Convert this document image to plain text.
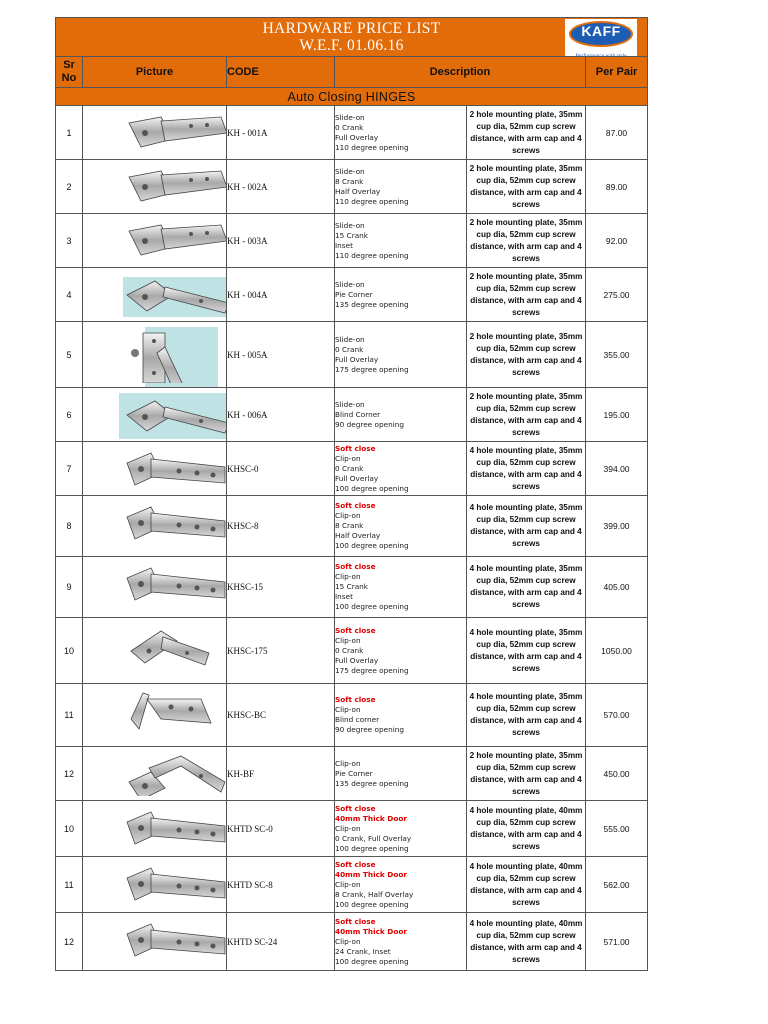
HARDWARE PRICE LIST
W.E.F. 01.06.16
KAFF
Performance with style					

Sr No	Picture	CODE	Description		Per Pair
Auto Closing HINGES					
1		KH - 001A	Slide-on
0 Crank
Full Overlay
110 degree opening	2 hole mounting plate, 35mm cup dia, 52mm cup screw distance, with arm cap and 4 screws	87.00
2		KH - 002A	Slide-on
8 Crank
Half Overlay
110 degree opening	2 hole mounting plate, 35mm cup dia, 52mm cup screw distance, with arm cap and 4 screws	89.00
3		KH - 003A	Slide-on
15 Crank
Inset
110 degree opening	2 hole mounting plate, 35mm cup dia, 52mm cup screw distance, with arm cap and 4 screws	92.00
4		KH - 004A	Slide-on
Pie Corner
135 degree opening	2 hole mounting plate, 35mm cup dia, 52mm cup screw distance, with arm cap and 4 screws	275.00
5		KH - 005A	Slide-on
0 Crank
Full Overlay
175 degree opening	2 hole mounting plate, 35mm cup dia, 52mm cup screw distance, with arm cap and 4 screws	355.00
6		KH - 006A	Slide-on
Blind Corner
90 degree opening	2 hole mounting plate, 35mm cup dia, 52mm cup screw distance, with arm cap and 4 screws	195.00
7		KHSC-0	Soft close
Clip-on
0 Crank
Full Overlay
100 degree opening	4 hole mounting plate, 35mm cup dia, 52mm cup screw distance, with arm cap and 4 screws	394.00
8		KHSC-8	Soft close
Clip-on
8 Crank
Half Overlay
100 degree opening	4 hole mounting plate, 35mm cup dia, 52mm cup screw distance, with arm cap and 4 screws	399.00
9		KHSC-15	Soft close
Clip-on
15 Crank
Inset
100 degree opening	4 hole mounting plate, 35mm cup dia, 52mm cup screw distance, with arm cap and 4 screws	405.00
10		KHSC-175	Soft close
Clip-on
0 Crank
Full Overlay
175 degree opening	4 hole mounting plate, 35mm cup dia, 52mm cup screw distance, with arm cap and 4 screws	1050.00
11		KHSC-BC	Soft close
Clip-on
Blind corner
90 degree opening	4 hole mounting plate, 35mm cup dia, 52mm cup screw distance, with arm cap and 4 screws	570.00
12		KH-BF	Clip-on
Pie Corner
135 degree opening	2 hole mounting plate, 35mm cup dia, 52mm cup screw distance, with arm cap and 4 screws	450.00
10		KHTD SC-0	Soft close
40mm Thick Door
Clip-on
0 Crank, Full Overlay
100 degree opening	4 hole mounting plate, 40mm cup dia, 52mm cup screw distance, with arm cap and 4 screws	555.00
11		KHTD SC-8	Soft close
40mm Thick Door
Clip-on
8 Crank, Half Overlay
100 degree opening	4 hole mounting plate, 40mm cup dia, 52mm cup screw distance, with arm cap and 4 screws	562.00
12		KHTD SC-24	Soft close
40mm Thick Door
Clip-on
24 Crank, Inset
100 degree opening	4 hole mounting plate, 40mm cup dia, 52mm cup screw distance, with arm cap and 4 screws	571.00
